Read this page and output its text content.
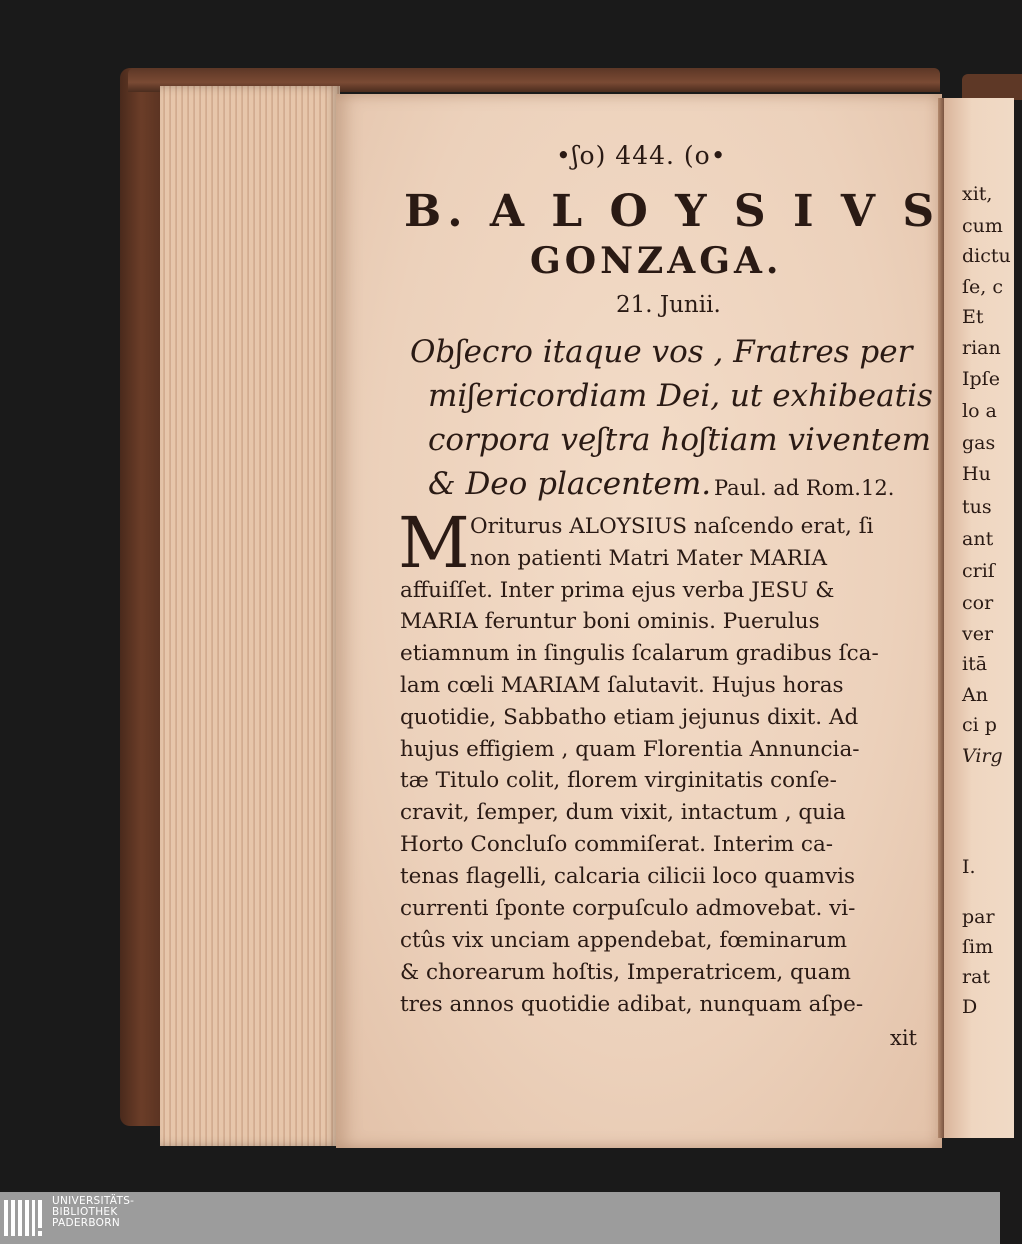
•ʃo) 444. (o•
B. A L O Y S I V S
GONZAGA.
21. Junii.
Obʃecro itaque vos , Fratres per
miʃericordiam Dei, ut exhibeatis
corpora veʃtra hoʃtiam viventem
& Deo placentem. Paul. ad Rom.12.
M Oriturus ALOYSIUS naſcendo erat, ſi
non patienti Matri Mater MARIA
affuiſſet. Inter prima ejus verba JESU &
MARIA feruntur boni ominis. Puerulus
etiamnum in ſingulis ſcalarum gradibus ſca-
lam cœli MARIAM ſalutavit. Hujus horas
quotidie, Sabbatho etiam jejunus dixit. Ad
hujus effigiem , quam Florentia Annuncia-
tæ Titulo colit, florem virginitatis conſe-
cravit, ſemper, dum vixit, intactum , quia
Horto Concluſo commiſerat. Interim ca-
tenas flagelli, calcaria cilicii loco quamvis
currenti ſponte corpuſculo admovebat. vi-
ctûs vix unciam appendebat, fœminarum
& chorearum hoſtis, Imperatricem, quam
tres annos quotidie adibat, nunquam aſpe-
xit
xit,
cum
dictu
ſe, c
Et
rian
Ipſe
lo a
gas
Hu
tus
ant
criſ
cor
ver
itā
An
ci p
Virg
I.
par
ſim
rat
D
UNIVERSITÄTS-
BIBLIOTHEK
PADERBORN
